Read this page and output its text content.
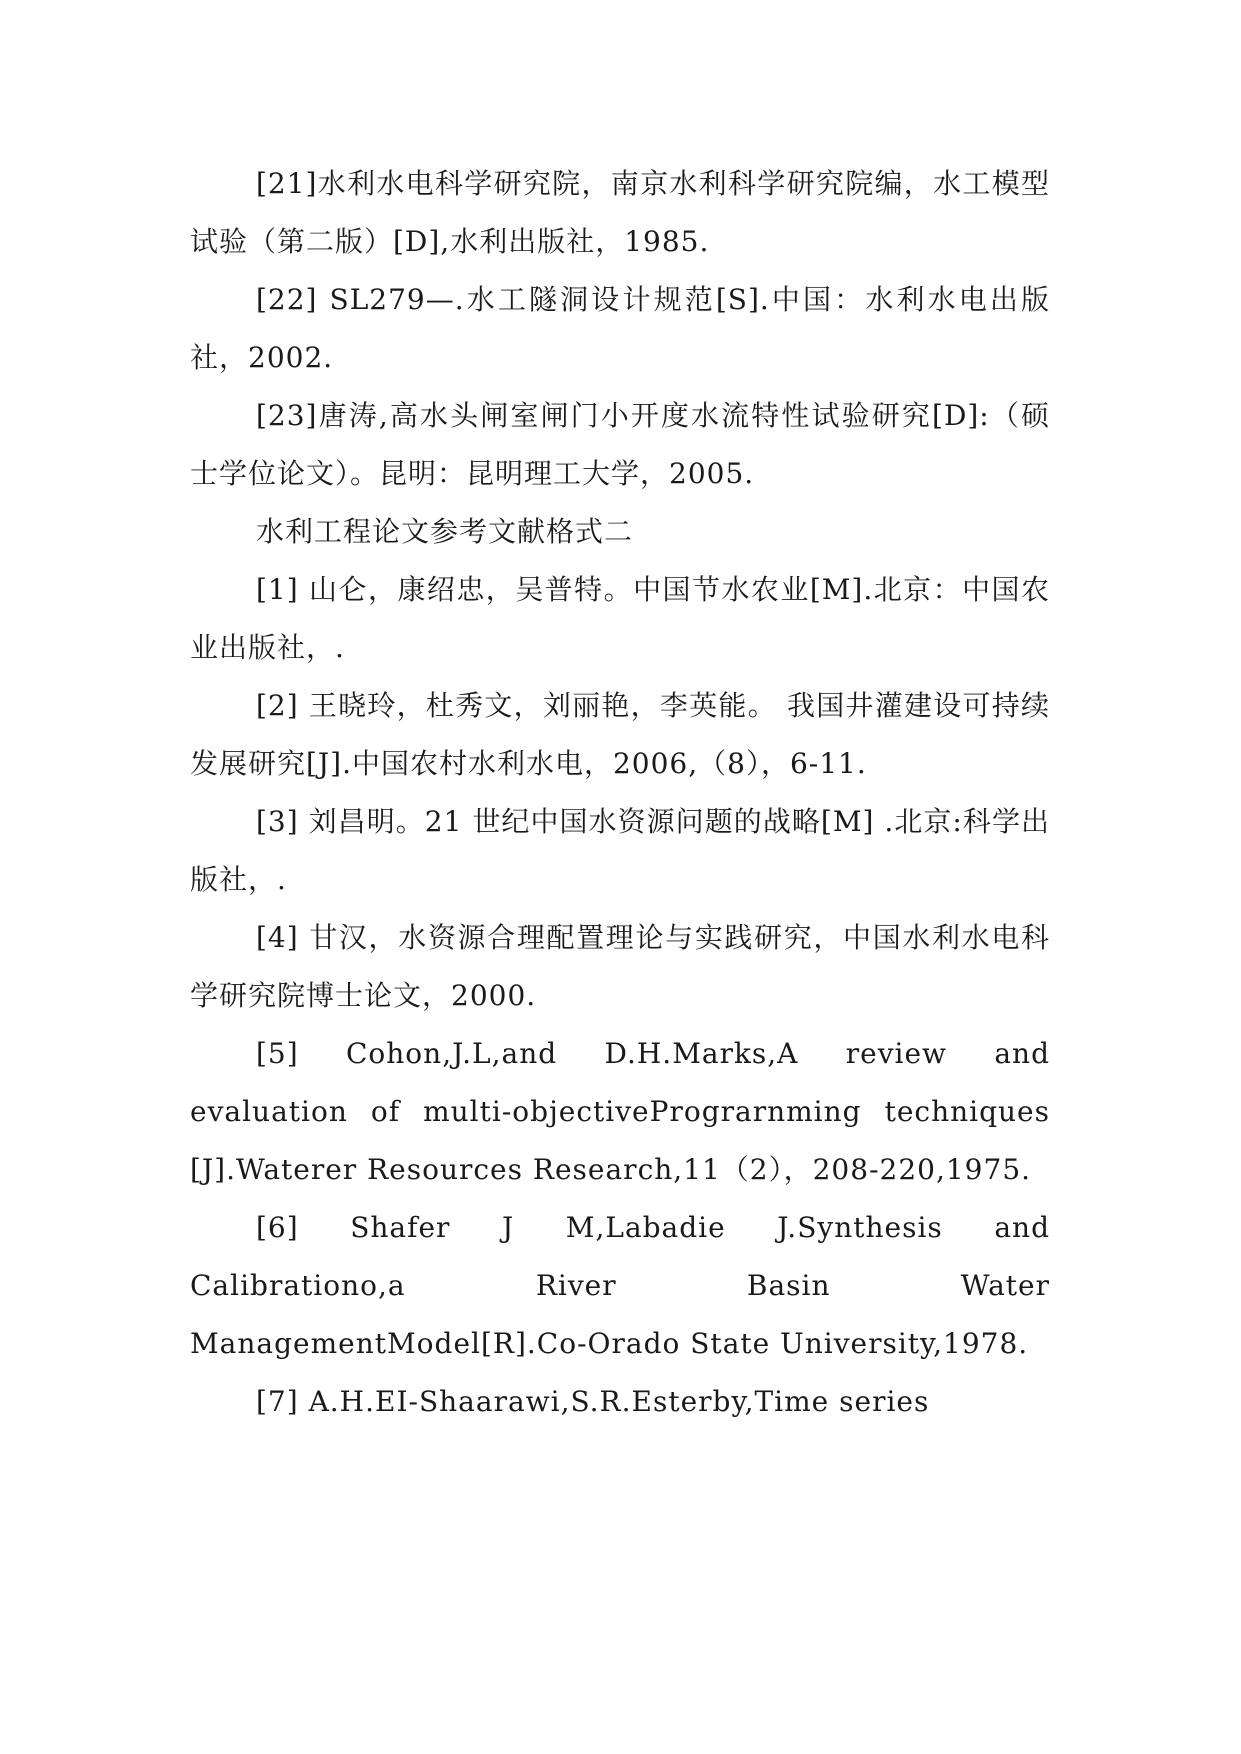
[21]水利水电科学研究院，南京水利科学研究院编，水工模型试验（第二版）[D],水利出版社，1985.

[22] SL279—.水工隧洞设计规范[S].中国：水利水电出版社，2002.

[23]唐涛,高水头闸室闸门小开度水流特性试验研究[D]:（硕士学位论文）。昆明：昆明理工大学，2005.

水利工程论文参考文献格式二

[1] 山仑，康绍忠，吴普特。中国节水农业[M].北京：中国农业出版社，.

[2] 王晓玲，杜秀文，刘丽艳，李英能。 我国井灌建设可持续发展研究[J].中国农村水利水电，2006,（8），6-11.

[3] 刘昌明。21 世纪中国水资源问题的战略[M] .北京:科学出版社，.

[4] 甘汉，水资源合理配置理论与实践研究，中国水利水电科学研究院博士论文，2000.

[5] Cohon,J.L,and D.H.Marks,A review and evaluation of multi-objectivePrograrnming techniques [J].Waterer Resources Research,11（2），208-220,1975.

[6] Shafer J M,Labadie J.Synthesis and Calibrationo,a River Basin Water ManagementModel[R].Co-Orado State University,1978.

[7] A.H.EI-Shaarawi,S.R.Esterby,Time series
